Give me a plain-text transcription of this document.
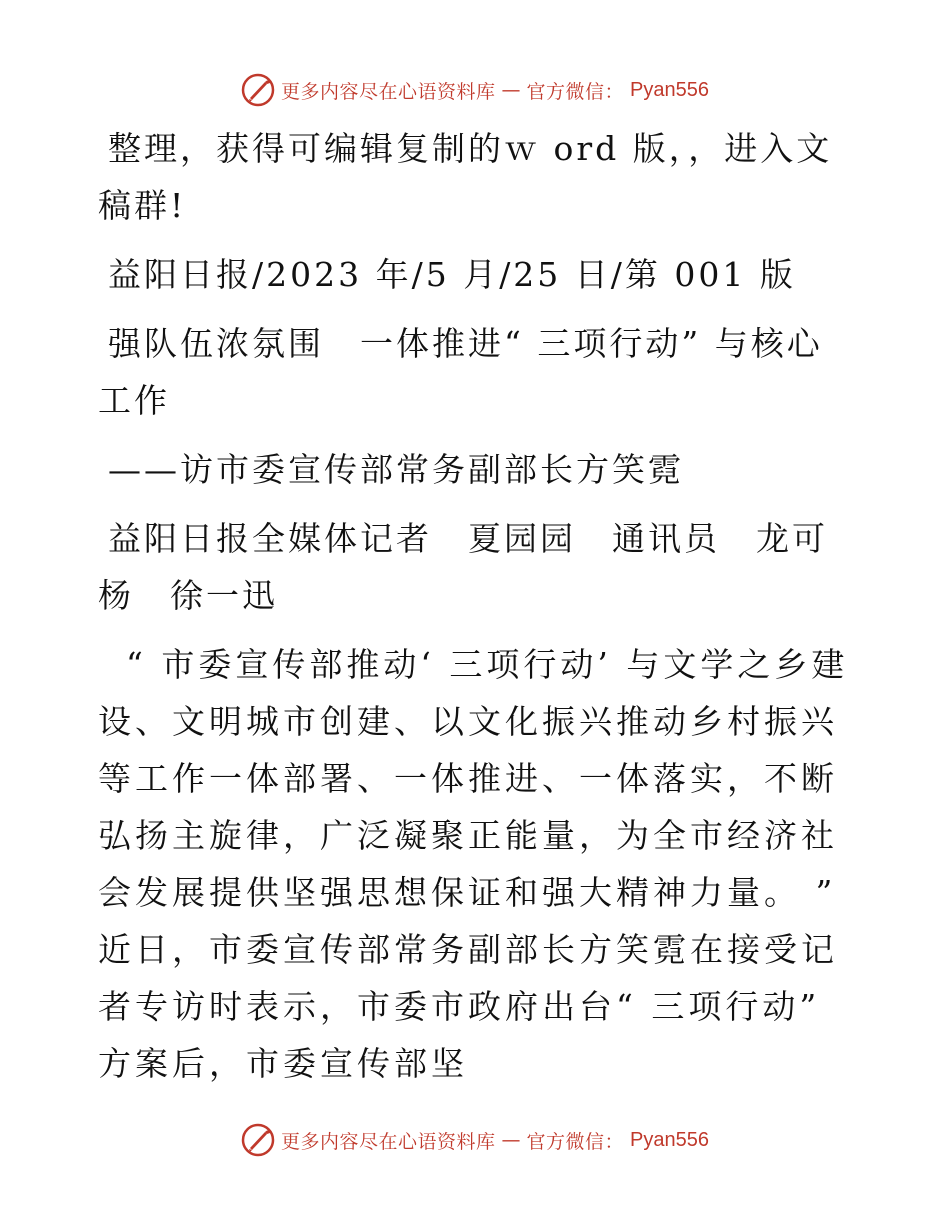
更多内容尽在心语资料库 — 官方微信： Pyan556

整理，获得可编辑复制的ｗ ord 版，，进入文稿群!

益阳日报/2023 年/5 月/25 日/第 001 版

强队伍浓氛围　一体推进“ 三项行动” 与核心工作

——访市委宣传部常务副部长方笑霓

益阳日报全媒体记者　夏园园　通讯员　龙可杨　徐一迅

“ 市委宣传部推动‘ 三项行动’ 与文学之乡建设、文明城市创建、以文化振兴推动乡村振兴等工作一体部署、一体推进、一体落实，不断弘扬主旋律，广泛凝聚正能量，为全市经济社会发展提供坚强思想保证和强大精神力量。 ” 近日，市委宣传部常务副部长方笑霓在接受记者专访时表示，市委市政府出台“ 三项行动” 方案后，市委宣传部坚

更多内容尽在心语资料库 — 官方微信： Pyan556
